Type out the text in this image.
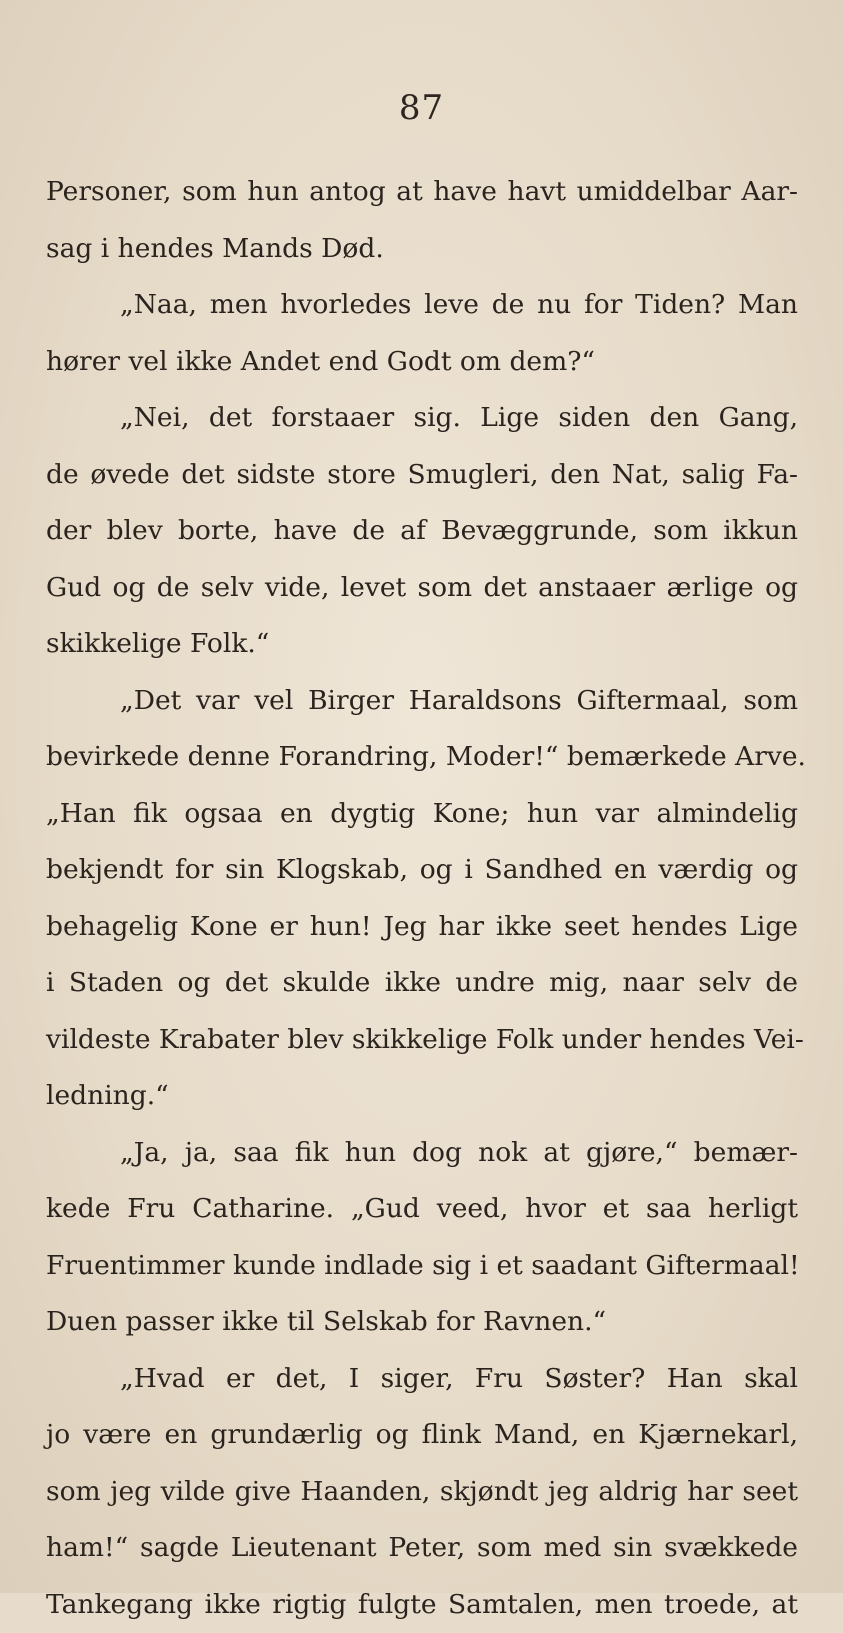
87
Personer, som hun antog at have havt umiddelbar Aar-
sag i hendes Mands Død.
„Naa, men hvorledes leve de nu for Tiden? Man
hører vel ikke Andet end Godt om dem?“
„Nei, det forstaaer sig. Lige siden den Gang,
de øvede det sidste store Smugleri, den Nat, salig Fa-
der blev borte, have de af Bevæggrunde, som ikkun
Gud og de selv vide, levet som det anstaaer ærlige og
skikkelige Folk.“
„Det var vel Birger Haraldsons Giftermaal, som
bevirkede denne Forandring, Moder!“ bemærkede Arve.
„Han fik ogsaa en dygtig Kone; hun var almindelig
bekjendt for sin Klogskab, og i Sandhed en værdig og
behagelig Kone er hun! Jeg har ikke seet hendes Lige
i Staden og det skulde ikke undre mig, naar selv de
vildeste Krabater blev skikkelige Folk under hendes Vei-
ledning.“
„Ja, ja, saa fik hun dog nok at gjøre,“ bemær-
kede Fru Catharine. „Gud veed, hvor et saa herligt
Fruentimmer kunde indlade sig i et saadant Giftermaal!
Duen passer ikke til Selskab for Ravnen.“
„Hvad er det, I siger, Fru Søster? Han skal
jo være en grundærlig og flink Mand, en Kjærnekarl,
som jeg vilde give Haanden, skjøndt jeg aldrig har seet
ham!“ sagde Lieutenant Peter, som med sin svækkede
Tankegang ikke rigtig fulgte Samtalen, men troede, at
